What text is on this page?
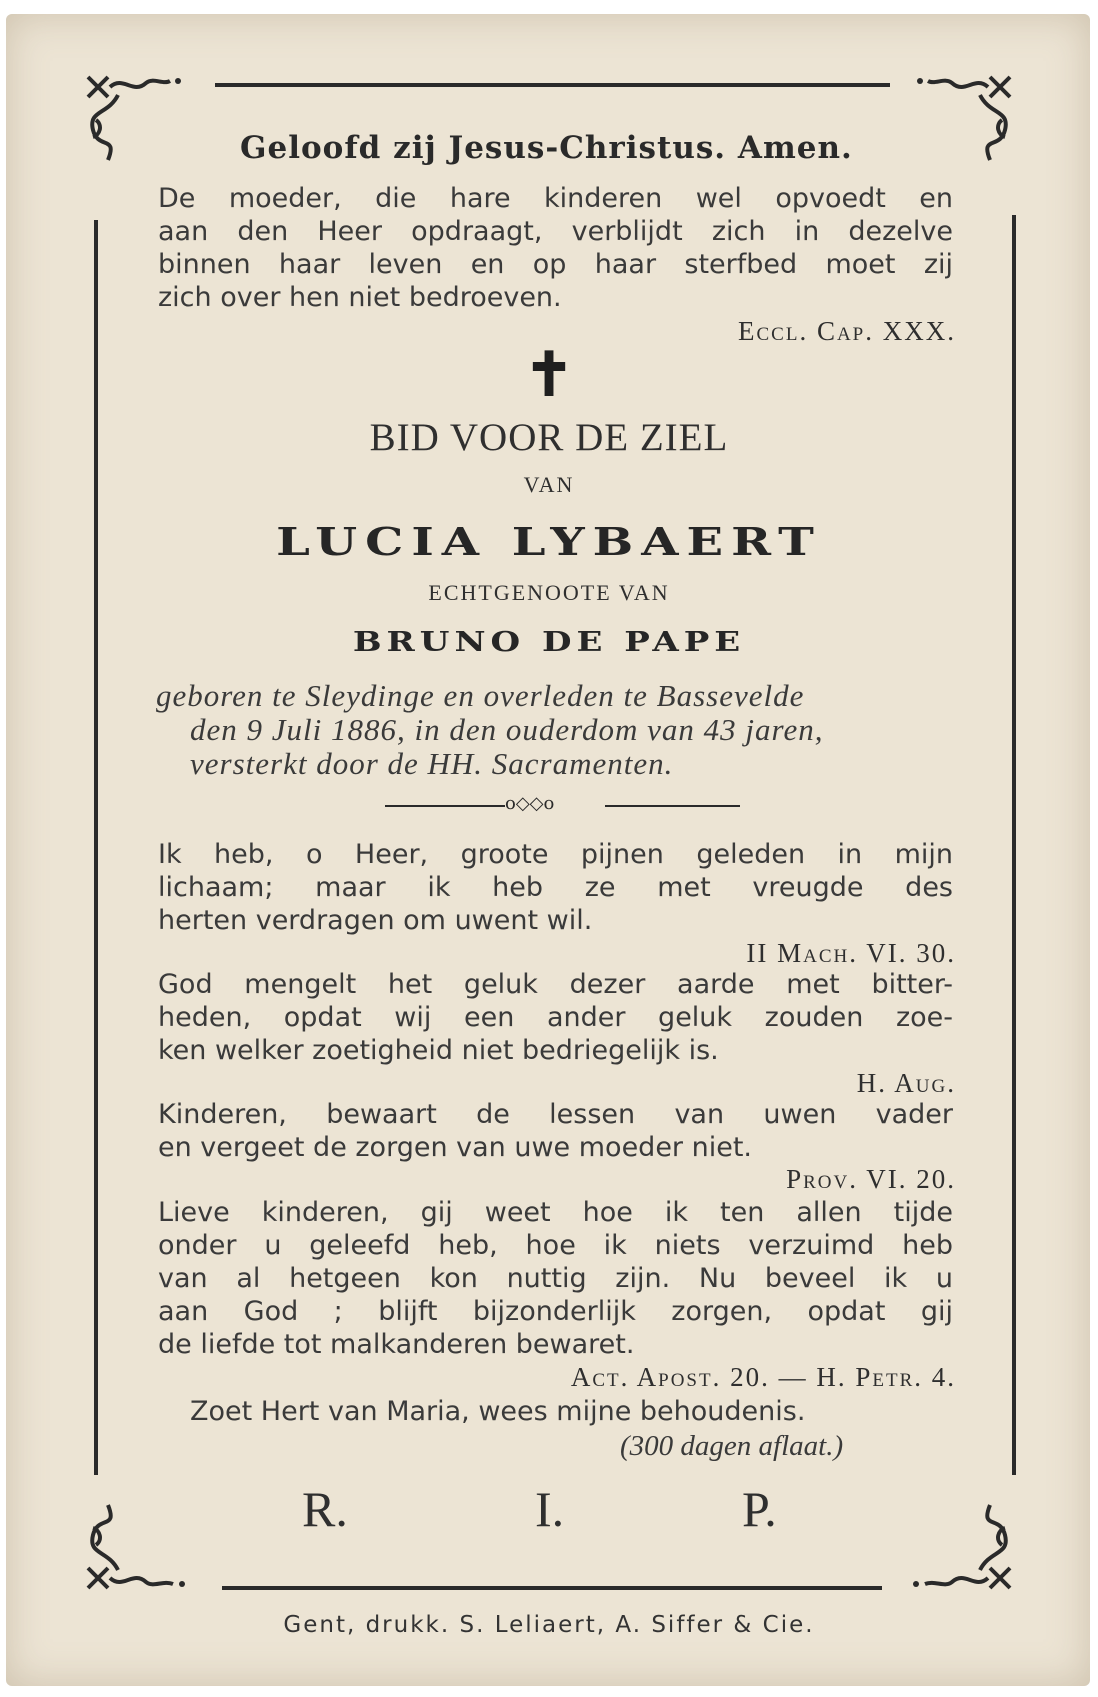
Geloofd zij Jesus-Christus. Amen.
De moeder, die hare kinderen wel opvoedt en
aan den Heer opdraagt, verblijdt zich in dezelve
binnen haar leven en op haar sterfbed moet zij
zich over hen niet bedroeven.
Eccl. Cap. XXX.
✝
BID VOOR DE ZIEL
VAN
LUCIA LYBAERT
ECHTGENOOTE VAN
BRUNO DE PAPE
geboren te Sleydinge en overleden te Bassevelde
den 9 Juli 1886, in den ouderdom van 43 jaren,
versterkt door de HH. Sacramenten.
o◇◇o
Ik heb, o Heer, groote pijnen geleden in mijn
lichaam; maar ik heb ze met vreugde des
herten verdragen om uwent wil.
II Mach. VI. 30.
God mengelt het geluk dezer aarde met bitter-
heden, opdat wij een ander geluk zouden zoe-
ken welker zoetigheid niet bedriegelijk is.
H. Aug.
Kinderen, bewaart de lessen van uwen vader
en vergeet de zorgen van uwe moeder niet.
Prov. VI. 20.
Lieve kinderen, gij weet hoe ik ten allen tijde
onder u geleefd heb, hoe ik niets verzuimd heb
van al hetgeen kon nuttig zijn. Nu beveel ik u
aan God ; blijft bijzonderlijk zorgen, opdat gij
de liefde tot malkanderen bewaret.
Act. Apost. 20. — H. Petr. 4.
Zoet Hert van Maria, wees mijne behoudenis.
(300 dagen aflaat.)
R.	I.	P.
Gent, drukk. S. Leliaert, A. Siffer & Cie.
